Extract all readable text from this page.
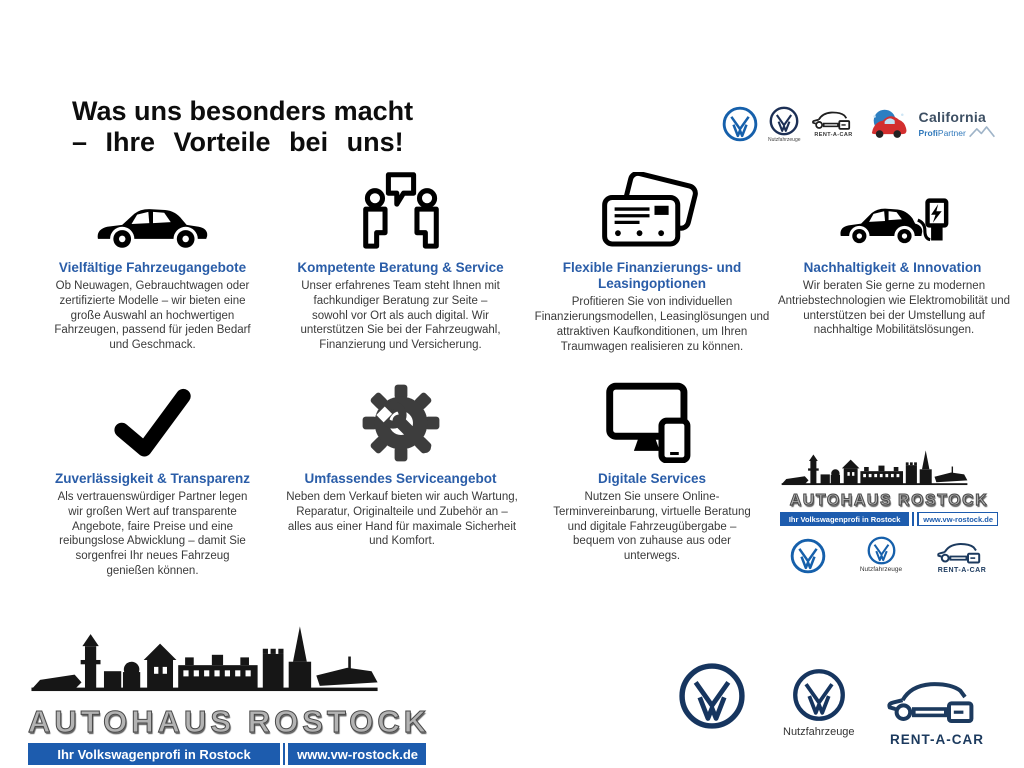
Was uns besonders macht
– Ihre Vorteile bei uns!	Nutzfahrzeuge
RENT-A-CAR
California
ProfiPartner
Vielfältige Fahrzeugangebote
Ob Neuwagen, Gebrauchtwagen oder zertifizierte Modelle – wir bieten eine große Auswahl an hochwertigen Fahrzeugen, passend für jeden Bedarf und Geschmack.
Kompetente Beratung & Service
Unser erfahrenes Team steht Ihnen mit fachkundiger Beratung zur Seite – sowohl vor Ort als auch digital. Wir unterstützen Sie bei der Fahrzeugwahl, Finanzierung und Versicherung.
Flexible Finanzierungs- und Leasingoptionen
Profitieren Sie von individuellen Finanzierungsmodellen, Leasinglösungen und attraktiven Kaufkonditionen, um Ihren Traumwagen realisieren zu können.
Nachhaltigkeit & Innovation
Wir beraten Sie gerne zu modernen Antriebstechnologien wie Elektromobilität und unterstützen bei der Umstellung auf nachhaltige Mobilitätslösungen.
Zuverlässigkeit & Transparenz
Als vertrauenswürdiger Partner legen wir großen Wert auf transparente Angebote, faire Preise und eine reibungslose Abwicklung – damit Sie sorgenfrei Ihr neues Fahrzeug genießen können.
Umfassendes Serviceangebot
Neben dem Verkauf bieten wir auch Wartung, Reparatur, Originalteile und Zubehör an – alles aus einer Hand für maximale Sicherheit und Komfort.
Digitale Services
Nutzen Sie unsere Online-Terminvereinbarung, virtuelle Beratung und digitale Fahrzeugübergabe – bequem von zuhause aus oder unterwegs.
AUTOHAUS ROSTOCK
Ihr Volkswagenprofi in Rostock	www.vw-rostock.de
Nutzfahrzeuge	RENT-A-CAR
AUTOHAUS ROSTOCK
Ihr Volkswagenprofi in Rostock	www.vw-rostock.de
Nutzfahrzeuge	RENT-A-CAR
